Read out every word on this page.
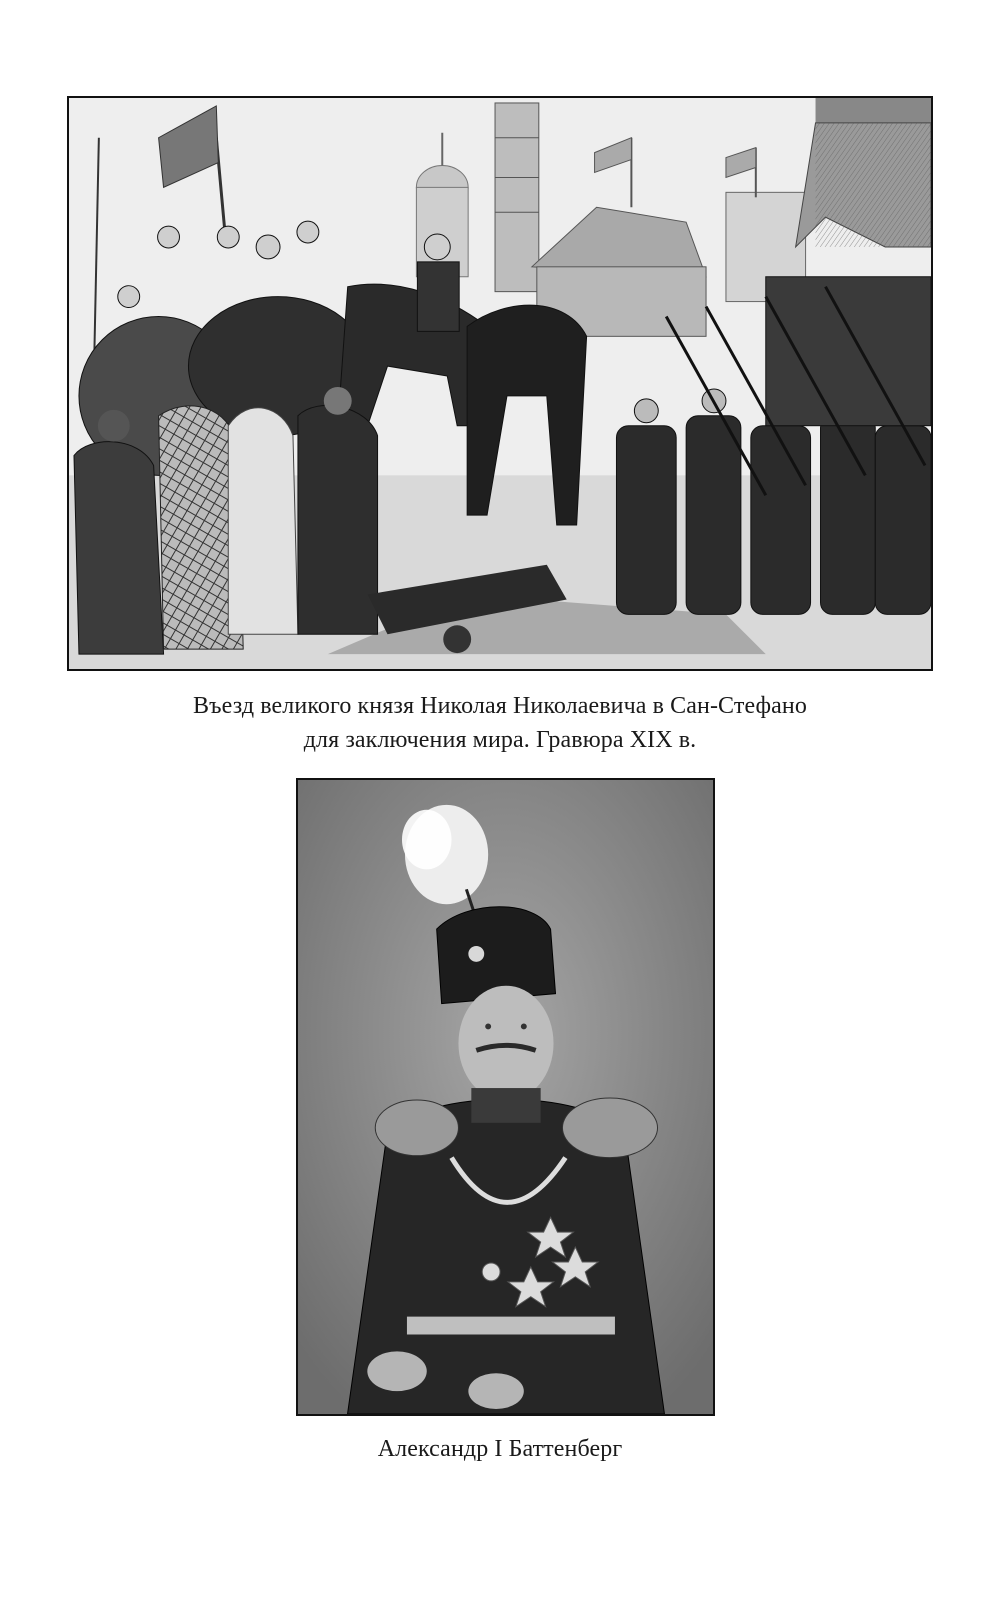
Въезд великого князя Николая Николаевича в Сан-Стефано
для заключения мира. Гравюра XIX в.
Александр I Баттенберг
